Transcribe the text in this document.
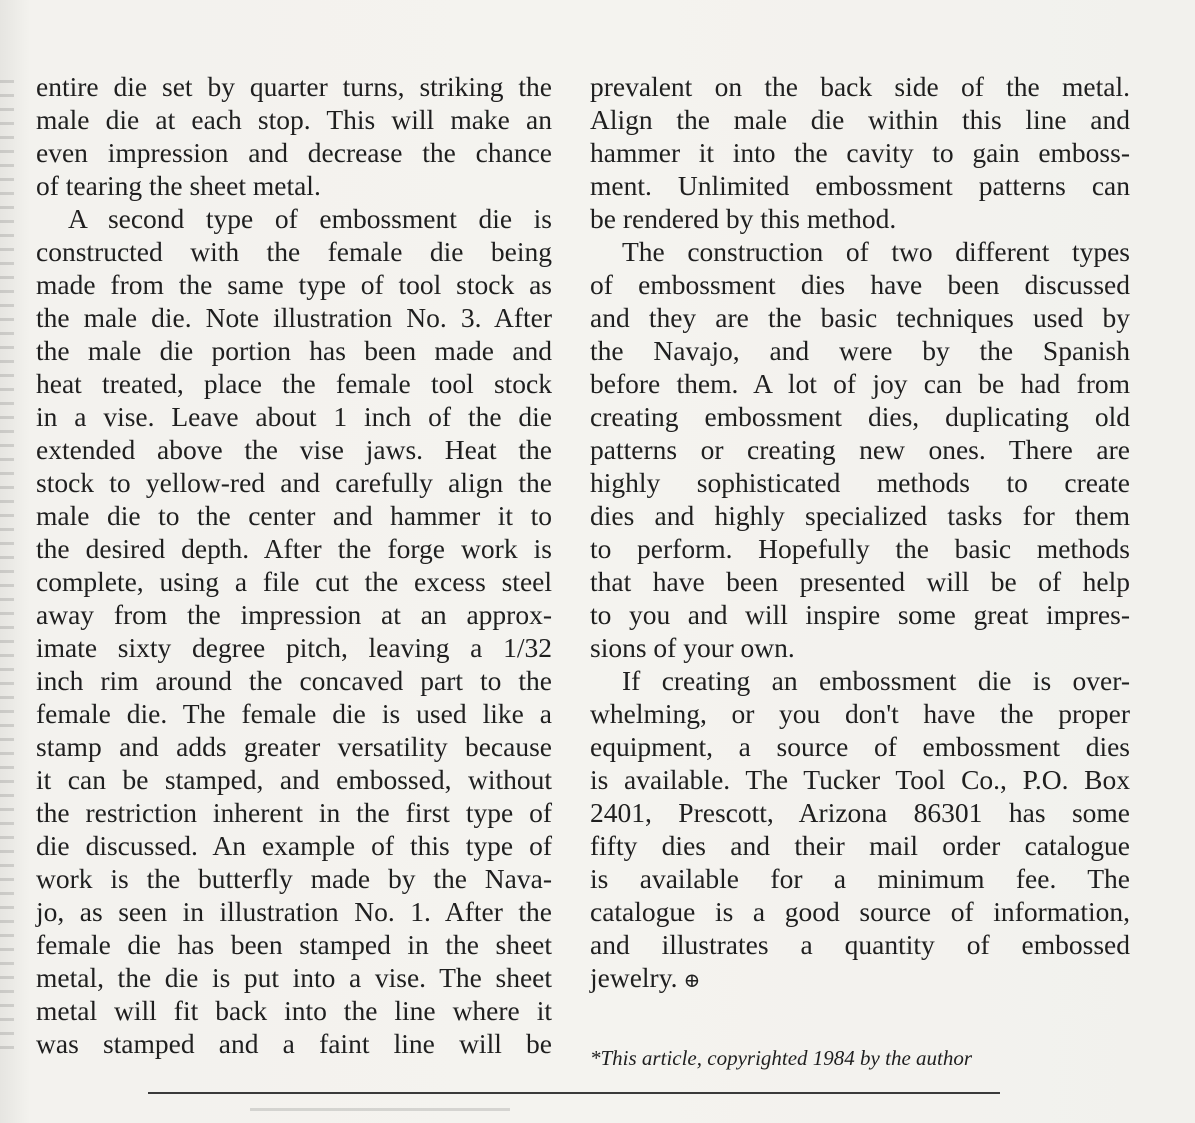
entire die set by quarter turns, striking the
male die at each stop. This will make an
even impression and decrease the chance
of tearing the sheet metal.
A second type of embossment die is
constructed with the female die being
made from the same type of tool stock as
the male die. Note illustration No. 3. After
the male die portion has been made and
heat treated, place the female tool stock
in a vise. Leave about 1 inch of the die
extended above the vise jaws. Heat the
stock to yellow-red and carefully align the
male die to the center and hammer it to
the desired depth. After the forge work is
complete, using a file cut the excess steel
away from the impression at an approx-
imate sixty degree pitch, leaving a 1/32
inch rim around the concaved part to the
female die. The female die is used like a
stamp and adds greater versatility because
it can be stamped, and embossed, without
the restriction inherent in the first type of
die discussed. An example of this type of
work is the butterfly made by the Nava-
jo, as seen in illustration No. 1. After the
female die has been stamped in the sheet
metal, the die is put into a vise. The sheet
metal will fit back into the line where it
was stamped and a faint line will be
prevalent on the back side of the metal.
Align the male die within this line and
hammer it into the cavity to gain emboss-
ment. Unlimited embossment patterns can
be rendered by this method.
The construction of two different types
of embossment dies have been discussed
and they are the basic techniques used by
the Navajo, and were by the Spanish
before them. A lot of joy can be had from
creating embossment dies, duplicating old
patterns or creating new ones. There are
highly sophisticated methods to create
dies and highly specialized tasks for them
to perform. Hopefully the basic methods
that have been presented will be of help
to you and will inspire some great impres-
sions of your own.
If creating an embossment die is over-
whelming, or you don't have the proper
equipment, a source of embossment dies
is available. The Tucker Tool Co., P.O. Box
2401, Prescott, Arizona 86301 has some
fifty dies and their mail order catalogue
is available for a minimum fee. The
catalogue is a good source of information,
and illustrates a quantity of embossed
jewelry. ⊕
*This article, copyrighted 1984 by the author
